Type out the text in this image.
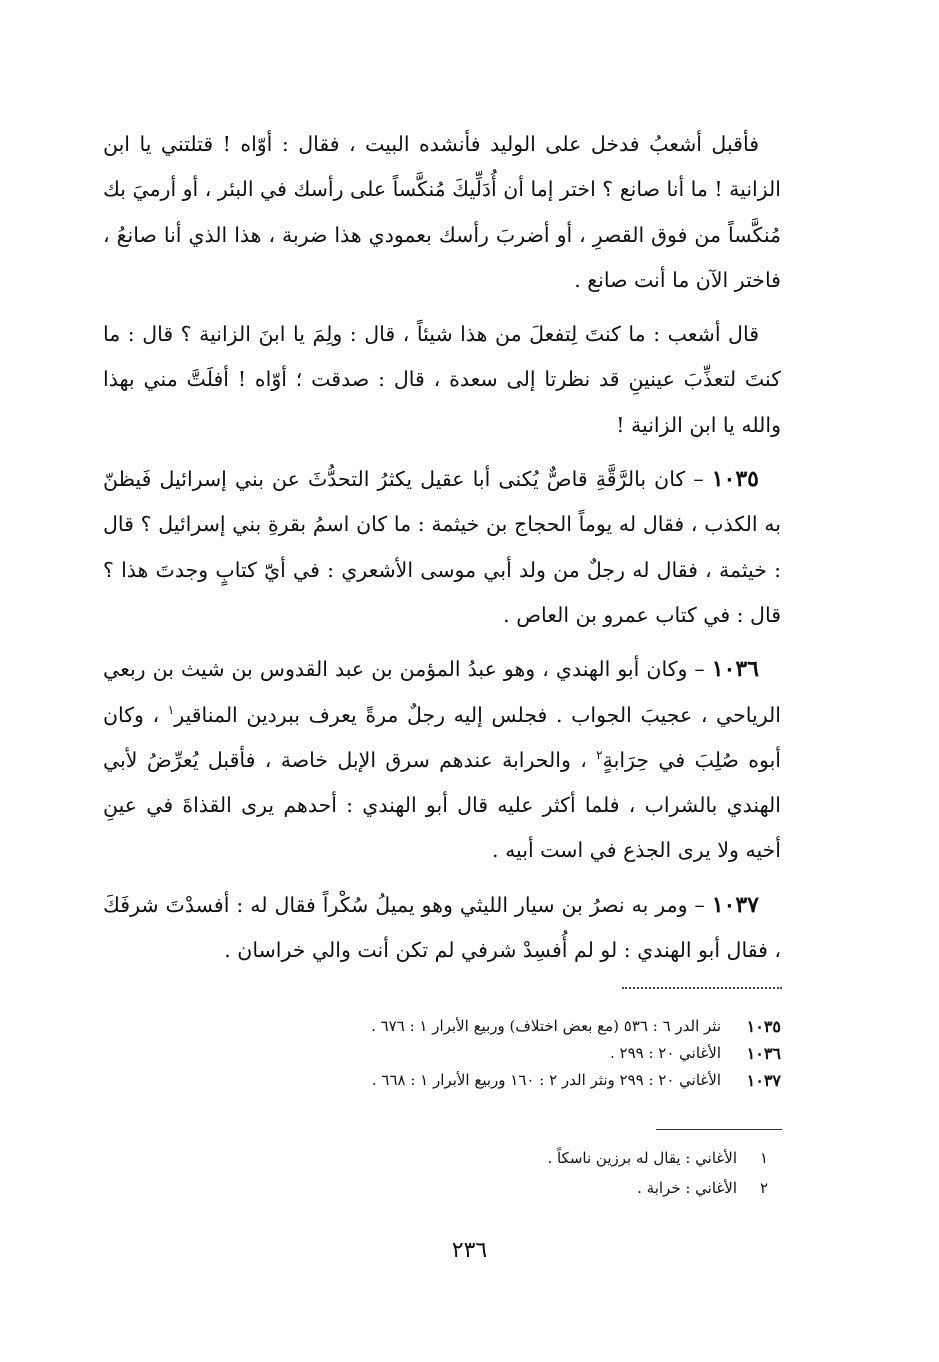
فأقبل أشعبُ فدخل على الوليد فأنشده البيت ، فقال : أوّاه ! قتلتني يا ابن الزانية ! ما أنا صانع ؟ اختر إما أن أُدَلِّيكَ مُنكَّساً على رأسك في البئر ، أو أرميَ بك مُنكَّساً من فوق القصرِ ، أو أضربَ رأسك بعمودي هذا ضربة ، هذا الذي أنا صانعُ ، فاختر الآن ما أنت صانع .

قال أشعب : ما كنتَ لِتفعلَ من هذا شيئاً ، قال : ولِمَ يا ابنَ الزانية ؟ قال : ما كنتَ لتعذِّبَ عينينِ قد نظرتا إلى سعدة ، قال : صدقت ؛ أوّاه ! أفلَتَّ مني بهذا والله يا ابن الزانية !

١٠٣٥ – كان بالرَّقَّةِ قاصٌّ يُكنى أبا عقيل يكثرُ التحدُّثَ عن بني إسرائيل فَيظنّ به الكذب ، فقال له يوماً الحجاج بن خيثمة : ما كان اسمُ بقرةِ بني إسرائيل ؟ قال : خيثمة ، فقال له رجلٌ من ولد أبي موسى الأشعري : في أيّ كتابٍ وجدتَ هذا ؟ قال : في كتاب عمرو بن العاص .

١٠٣٦ – وكان أبو الهندي ، وهو عبدُ المؤمن بن عبد القدوس بن شيث بن ربعي الرياحي ، عجيبَ الجواب . فجلس إليه رجلٌ مرةً يعرف ببردين المناقير$^١$ ، وكان أبوه صُلِبَ في حِرَابةٍ$^٢$ ، والحرابة عندهم سرق الإبل خاصة ، فأقبل يُعرِّضُ لأبي الهندي بالشراب ، فلما أكثر عليه قال أبو الهندي : أحدهم يرى القذاةَ في عينِ أخيه ولا يرى الجذع في است أبيه .

١٠٣٧ – ومر به نصرُ بن سيار الليثي وهو يميلُ سُكْراً فقال له : أفسدْتَ شرفَكَ ، فقال أبو الهندي : لو لم أُفسِدْ شرفي لم تكن أنت والي خراسان .

١٠٣٥
نثر الدر ٦ : ٥٣٦ (مع بعض اختلاف) وربيع الأبرار ١ : ٦٧٦ .
١٠٣٦
الأغاني ٢٠ : ٢٩٩ .
١٠٣٧
الأغاني ٢٠ : ٢٩٩ ونثر الدر ٢ : ١٦٠ وربيع الأبرار ١ : ٦٦٨ .
١
الأغاني : يقال له برزين ناسكاً .
٢
الأغاني : خرابة .
٢٣٦
